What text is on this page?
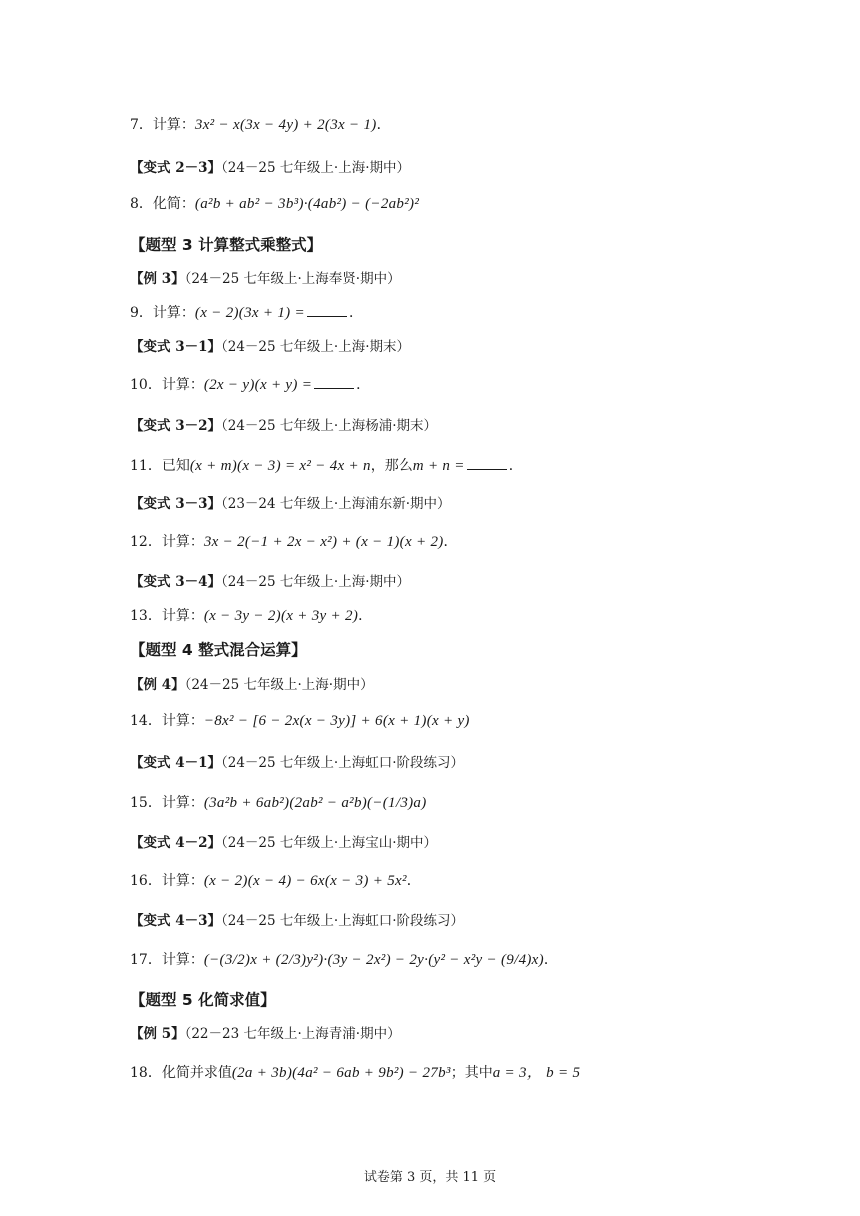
7．计算：3x² − x(3x − 4y) + 2(3x − 1)．
【变式 2－3】（24－25 七年级上·上海·期中）
8．化简：(a²b + ab² − 3b³)·(4ab²) − (−2ab²)²
【题型 3 计算整式乘整式】
【例 3】（24－25 七年级上·上海奉贤·期中）
9．计算：(x − 2)(3x + 1) =	．
【变式 3－1】（24－25 七年级上·上海·期末）
10．计算：(2x − y)(x + y) =	．
【变式 3－2】（24－25 七年级上·上海杨浦·期末）
11．已知(x + m)(x − 3) = x² − 4x + n，那么m + n =	．
【变式 3－3】（23－24 七年级上·上海浦东新·期中）
12．计算：3x − 2(−1 + 2x − x²) + (x − 1)(x + 2)．
【变式 3－4】（24－25 七年级上·上海·期中）
13．计算：(x − 3y − 2)(x + 3y + 2)．
【题型 4 整式混合运算】
【例 4】（24－25 七年级上·上海·期中）
14．计算：−8x² − [6 − 2x(x − 3y)] + 6(x + 1)(x + y)
【变式 4－1】（24－25 七年级上·上海虹口·阶段练习）
15．计算：(3a²b + 6ab²)(2ab² − a²b)(−(1/3)a)
【变式 4－2】（24－25 七年级上·上海宝山·期中）
16．计算：(x − 2)(x − 4) − 6x(x − 3) + 5x²．
【变式 4－3】（24－25 七年级上·上海虹口·阶段练习）
17．计算：(−(3/2)x + (2/3)y²)·(3y − 2x²) − 2y·(y² − x²y − (9/4)x)．
【题型 5 化简求值】
【例 5】（22－23 七年级上·上海青浦·期中）
18．化简并求值(2a + 3b)(4a² − 6ab + 9b²) − 27b³；其中a = 3， b = 5
试卷第 3 页，共 11 页
